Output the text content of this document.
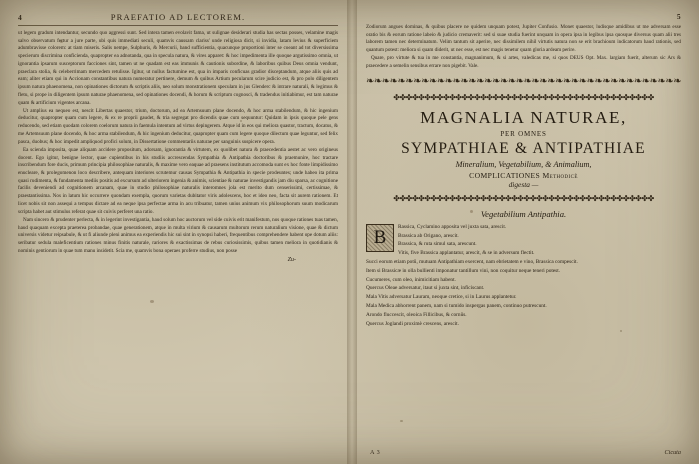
4	PRAEFATIO AD LECTOREM.

ut legem gradum intendantur, secundo quo aggressi sunt. Sed intera tamen evolavit fama, ut sulignae desiderari studia has sectas posses, velamine magis salvo observatum fertur a jure parte, ubi quis immediati seculi, quamvis caussam clariss' unde religiosa dicit, si invidia, latam levius & superficiem adumbravisse colorem: at tiam miseris. Salis nempe, Sulphuris, & Mercurii, band sufficientia, quacunque proportioni inter se coeant ad tot diversissima specierum discrimina conficienda, quapropter ea adnotanda, qua in specula natura, & vires apparet: & hoc impedimenta ille quoque argutissimo omnia, ut ignorantia ipsarum susceptorum facciones sint, tamen ut ne quadam est eas immunis & cautionis subordine, & laboribus quibus Deus omnia vendunt, praeclara stolia, & celeberrimam mercedem retulisse. Igitur, ut nullus factumine est, qua in imparis conficuas gradior disceptandum, atque aliis quis ad eam; aliter etiam qui in Accionam constantibus natura numeratur pertinere, demum & quibus Artium pecularum scire judicio est, & pro polo diligentem ipsum natura phaenomena, non opinationes dictorum & scriptis aliis, neo solum monstrationem speculam in jus Glenderc & intrare naturali, & legimus & fletu, si prope in diligentem ipsum naturae phaenomena, sed opinationes docendi, & horum & scriptum cognosci, & tradendus initiabimur, est tam naturae quam & artificium vigentes arcana.

Ut amplius ea nequeo est, nescit Libertas quaestor, trium, doctorum, ad ea Artemsuum plane docendo, & hoc arma stabilendum, & hic ingenium deducitur, quapropter quam cum legere, & ex re proprii gaudet, & tria segregat pro dicendis quae cum sequuntur: Quidam in ipsis quoque pele gens reducendo, sed etiam quodam colorem coelorum natura in faemula intentum ad virtus depingerem. Atque id in eos qui meliora quastor, tractum, docatus, & me Artemsuum plane docendo, & hoc arma stabilendum, & hic ingenium deducitur, quapropter quam cum legere quoque dilectum quae leguntur, sed felix pasca, duobus; & hoc impedit ampliquod profici solum, in Dissertatione commentariis naturae per sanguinis suspicere opera.

Ea scienda imposita, quae aliquam accidere propositum, adorsam, ignorantia & virtutem, ex quolibet natura & praecedentia aestet ac vero origineus docent. Ego igitur, benigne lector, quae cupientibus in his studiis accrescendas Sympathia & Antipathia doctoribus & praemunire, hoc tractare inscribendum fore ducis, primum principia philosophiae naturalis, & maxime vero eaquae ad praesens institutum accomoda sunt ex hoc fonte limpidissimo enucleare, & prolegomenon loco describere, antequam interiores scrutemur causas Sympathia & Antipathia in specie prodeuntes; unde habeo ita prima quasi rudimenta, & fundamenta mediis positis ad excursum ad ulteriorem ingenia & animis, scientiae & naturae investigandis jam diu sparsa, ac cognitione facilis deveniendi ad cognitionem arcanam, quae in studio philosophiae naturalis interomnes jola est merito dum censerissimi, certissimae, & praestantissima. Nos in latum hic occurrere quondam exempla, quorum varietas dubitator viris adolescens, hoc et ideo neo, facta sit aurem rationem. Et licet nobis sit non assequi a tempus dictare ad ea neque ipsa perfectae arma in acu tribuatur, tamen unius animum vix philosophorum suum modicarum scripta habet aut stimulus referat quae sit cuivis perferet una ratio.

Nam sincero & prudenter perlecta, & in legerint investigantia, haud solum hoc auctorum vel side cuivis erit manifestum, nos quoque rationes tuas tamen, haud quaquam excepta praeterea probandae, quae generationem, atque in multa virium & causarum multorum rerum naturalium visione, quae & dictum universis videtur reipsabule, & ut fi aliunde pleni animus ea experiendis hic sui sint in synopsi haberi, frequentibus comprehendere habent ope dotum aliis: seribatur sedula maleficentium rationes minus finitis naturale, rariores & exactissimas de rebus curiosissimis, quibus tamen meliora in quotidianis & nominis gentiorum in quae tum manu insidetit. Scia me, quamvis bona operaes proferre studius, non posse

Zu-
5

Zodiorum angues dominas, & quibus placere ne quidem unquam potest, Jupiter Confusio. Monet quaestor, ludisque amidibus ut me adversam esse oratio bis & eorum ratione labeio & judicio cremaverit: sed si suae studia fuerint unquam in opera ipsa in legibus ipsa quosque diversus quam alii tres laborem tamen nec determinatum. Velim tantum sit aperire, nec dissimilem nihil virtutis natura non se erit brachioum indicatorum haud rationis, sed quantum potest: meliora si quam diderit, ut nec esse, est nec magis tenetur quam gloria ardeam perire.

Quare, pro virtute & tua in me constantia, magnanimum, & si artes, valedicas me, si quos DEUS Opt. Max. largiam fuerit, alterum sic Ars & praecedere a semelin sensibus errare non pigebit. Vale.

❧❧❧❧❧❧❧❧❧❧❧❧❧❧❧❧❧❧❧❧❧❧❧❧❧❧❧❧❧❧❧❧❧❧❧❧❧❧❧❧
✤✤✤✤✤✤✤✤✤✤✤✤✤✤✤✤✤✤✤✤✤✤✤✤✤✤✤✤✤✤✤✤✤✤✤✤✤✤✤✤✤✤
MAGNALIA NATURAE,
PER OMNES
SYMPATHIAE & ANTIPATHIAE
Mineralium, Vegetabilium, & Animalium,
COMPLICATIONES Methodicè
digesta —
✤✤✤✤✤✤✤✤✤✤✤✤✤✤✤✤✤✤✤✤✤✤✤✤✤✤✤✤✤✤✤✤✤✤✤✤✤✤✤✤✤✤
Vegetabilium Antipathia.
B	Rassica, Cyclamino apposita vel juxta sata, arescit.

Brassica ab Origano, arescit.

Brassica, & ruta simul sata, arescunt.

Vitis, five Brassica applantatur, arescit, & se in adversum flectit.

Succi eorum etiam potû, mutuam Antipathiam exercent, nam ebrietatem e vino, Brassica compescit.

Item si Brassicæ in olla bullienti imponatur tantillum vini, non coquitur neque teneri potest.

Cucumeres, cum oleo, inimicitiam habent.

Quercus Oleae adversatur, itaut si juxta sint, inficiscant.

Mala Vitis adversatur Lauram, neoque cretice, si in Laurus applantetur.

Mala Medica abhorrent panem, nam si tumido inspergas panem, continuo putrescunt.

Arondo fluccescit, oleoica Fillicibus, & cornûs.

Quercus Joglandi proximè crescens, arescit.

A 3	Cicuta
